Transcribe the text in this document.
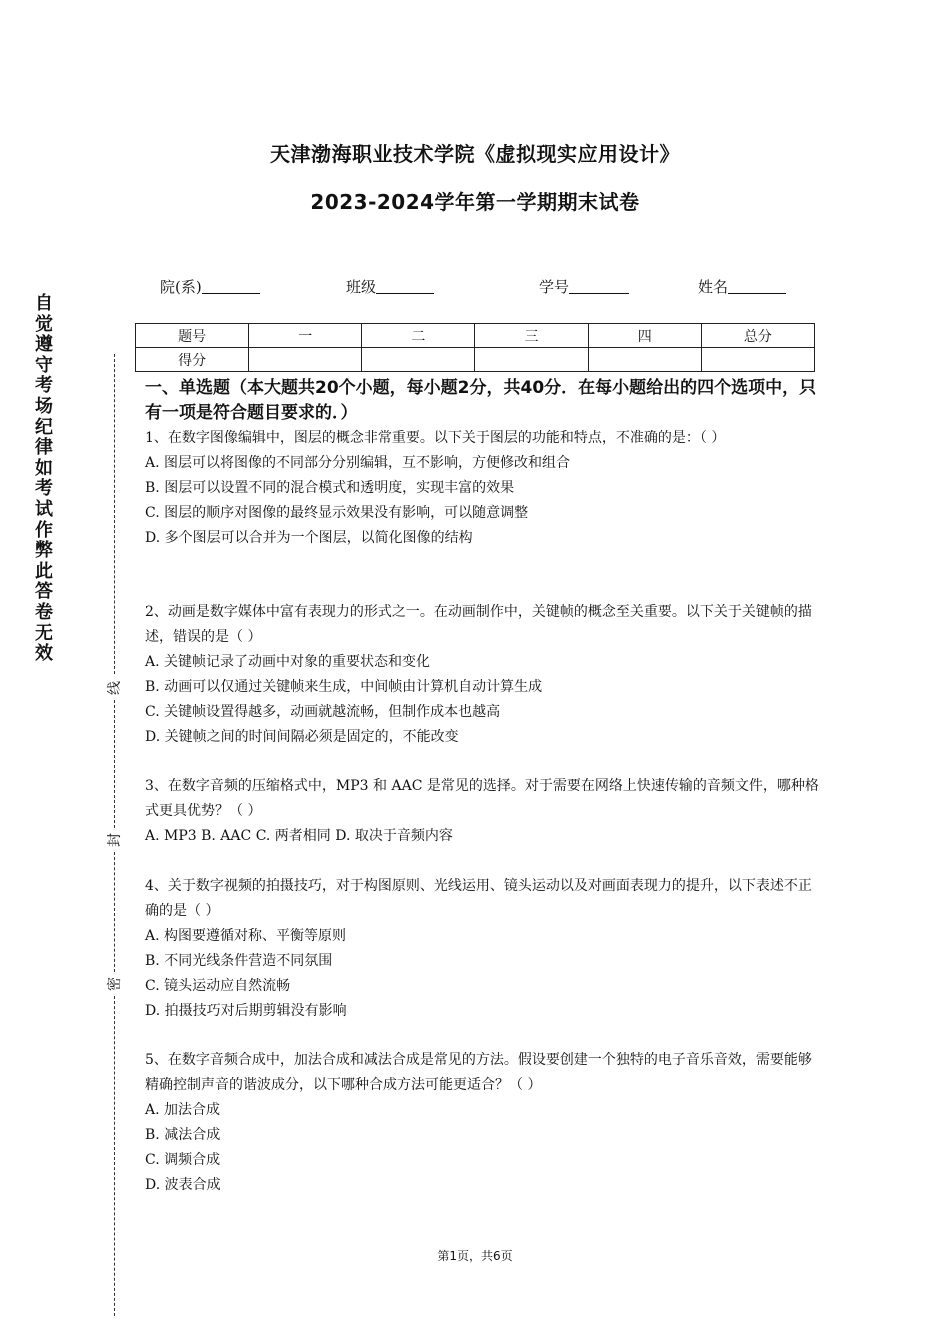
天津渤海职业技术学院《虚拟现实应用设计》
2023-2024学年第一学期期末试卷
院(系)	班级	学号	姓名
题号	一	二	三	四	总分
得分					
自觉遵守考场纪律如考试作弊此答卷无效
线
封
密
一、单选题（本大题共20个小题，每小题2分，共40分．在每小题给出的四个选项中，只有一项是符合题目要求的．）

1、在数字图像编辑中，图层的概念非常重要。以下关于图层的功能和特点，不准确的是：（ ）

A. 图层可以将图像的不同部分分别编辑，互不影响，方便修改和组合

B. 图层可以设置不同的混合模式和透明度，实现丰富的效果

C. 图层的顺序对图像的最终显示效果没有影响，可以随意调整

D. 多个图层可以合并为一个图层，以简化图像的结构

2、动画是数字媒体中富有表现力的形式之一。在动画制作中，关键帧的概念至关重要。以下关于关键帧的描述，错误的是（ ）

A. 关键帧记录了动画中对象的重要状态和变化

B. 动画可以仅通过关键帧来生成，中间帧由计算机自动计算生成

C. 关键帧设置得越多，动画就越流畅，但制作成本也越高

D. 关键帧之间的时间间隔必须是固定的，不能改变

3、在数字音频的压缩格式中，MP3 和 AAC 是常见的选择。对于需要在网络上快速传输的音频文件，哪种格式更具优势？（ ）

A. MP3 B. AAC C. 两者相同 D. 取决于音频内容

4、关于数字视频的拍摄技巧，对于构图原则、光线运用、镜头运动以及对画面表现力的提升，以下表述不正确的是（ ）

A. 构图要遵循对称、平衡等原则

B. 不同光线条件营造不同氛围

C. 镜头运动应自然流畅

D. 拍摄技巧对后期剪辑没有影响

5、在数字音频合成中，加法合成和减法合成是常见的方法。假设要创建一个独特的电子音乐音效，需要能够精确控制声音的谐波成分，以下哪种合成方法可能更适合？（ ）

A. 加法合成

B. 减法合成

C. 调频合成

D. 波表合成

第1页，共6页
